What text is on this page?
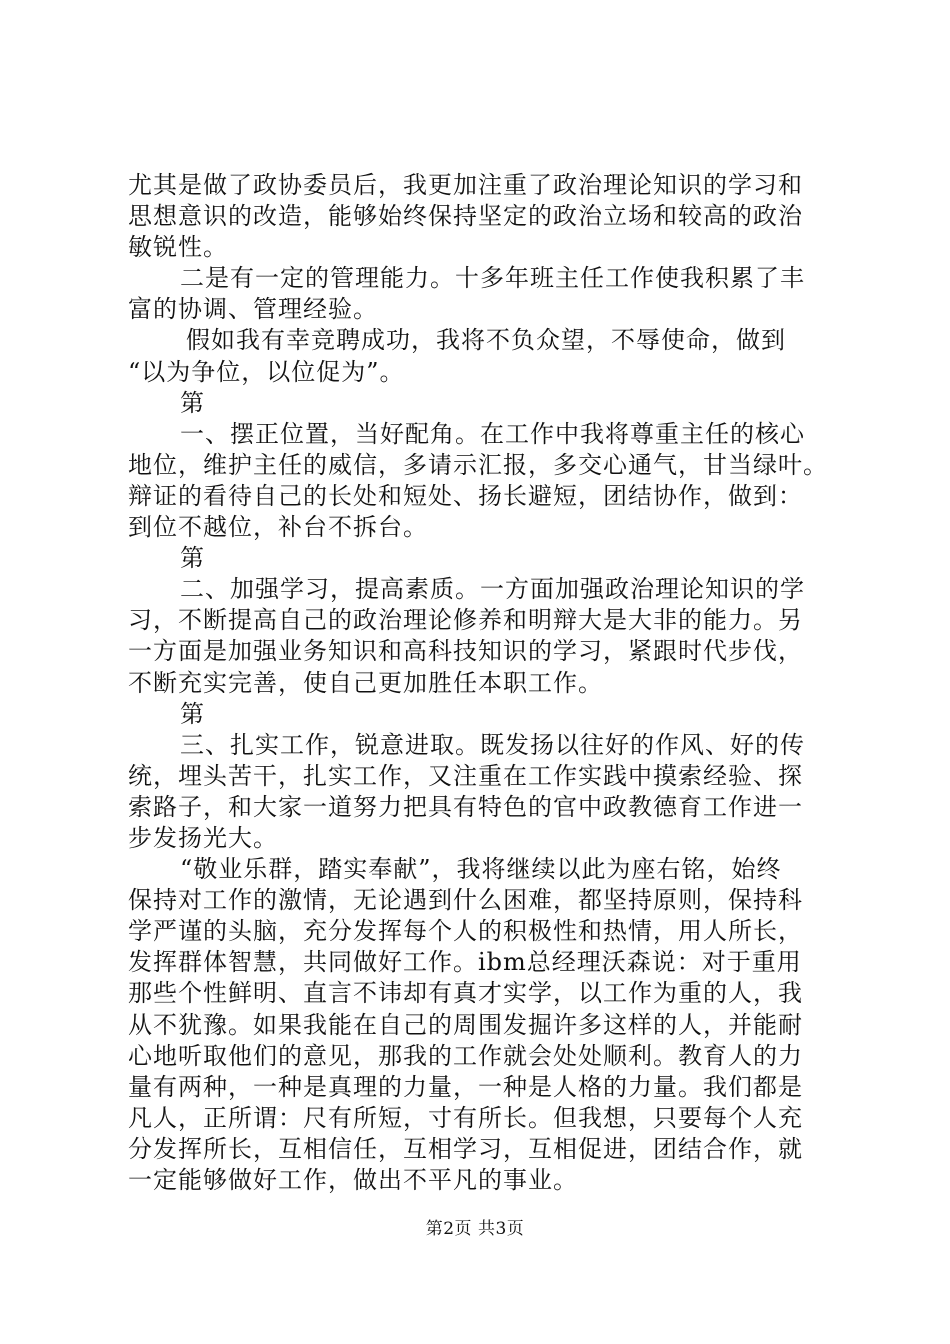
尤其是做了政协委员后，我更加注重了政治理论知识的学习和
思想意识的改造，能够始终保持坚定的政治立场和较高的政治
敏锐性。
二是有一定的管理能力。十多年班主任工作使我积累了丰
富的协调、管理经验。
假如我有幸竞聘成功，我将不负众望，不辱使命，做到
“以为争位，以位促为”。
第
一、摆正位置，当好配角。在工作中我将尊重主任的核心
地位，维护主任的威信，多请示汇报，多交心通气，甘当绿叶。
辩证的看待自己的长处和短处、扬长避短，团结协作，做到：
到位不越位，补台不拆台。
第
二、加强学习，提高素质。一方面加强政治理论知识的学
习，不断提高自己的政治理论修养和明辩大是大非的能力。另
一方面是加强业务知识和高科技知识的学习，紧跟时代步伐，
不断充实完善，使自己更加胜任本职工作。
第
三、扎实工作，锐意进取。既发扬以往好的作风、好的传
统，埋头苦干，扎实工作，又注重在工作实践中摸索经验、探
索路子，和大家一道努力把具有特色的官中政教德育工作进一
步发扬光大。
“敬业乐群，踏实奉献”，我将继续以此为座右铭，始终
保持对工作的激情，无论遇到什么困难，都坚持原则，保持科
学严谨的头脑，充分发挥每个人的积极性和热情，用人所长，
发挥群体智慧，共同做好工作。ibm总经理沃森说：对于重用
那些个性鲜明、直言不讳却有真才实学，以工作为重的人，我
从不犹豫。如果我能在自己的周围发掘许多这样的人，并能耐
心地听取他们的意见，那我的工作就会处处顺利。教育人的力
量有两种，一种是真理的力量，一种是人格的力量。我们都是
凡人，正所谓：尺有所短，寸有所长。但我想，只要每个人充
分发挥所长，互相信任，互相学习，互相促进，团结合作，就
一定能够做好工作，做出不平凡的事业。
第2页 共3页
